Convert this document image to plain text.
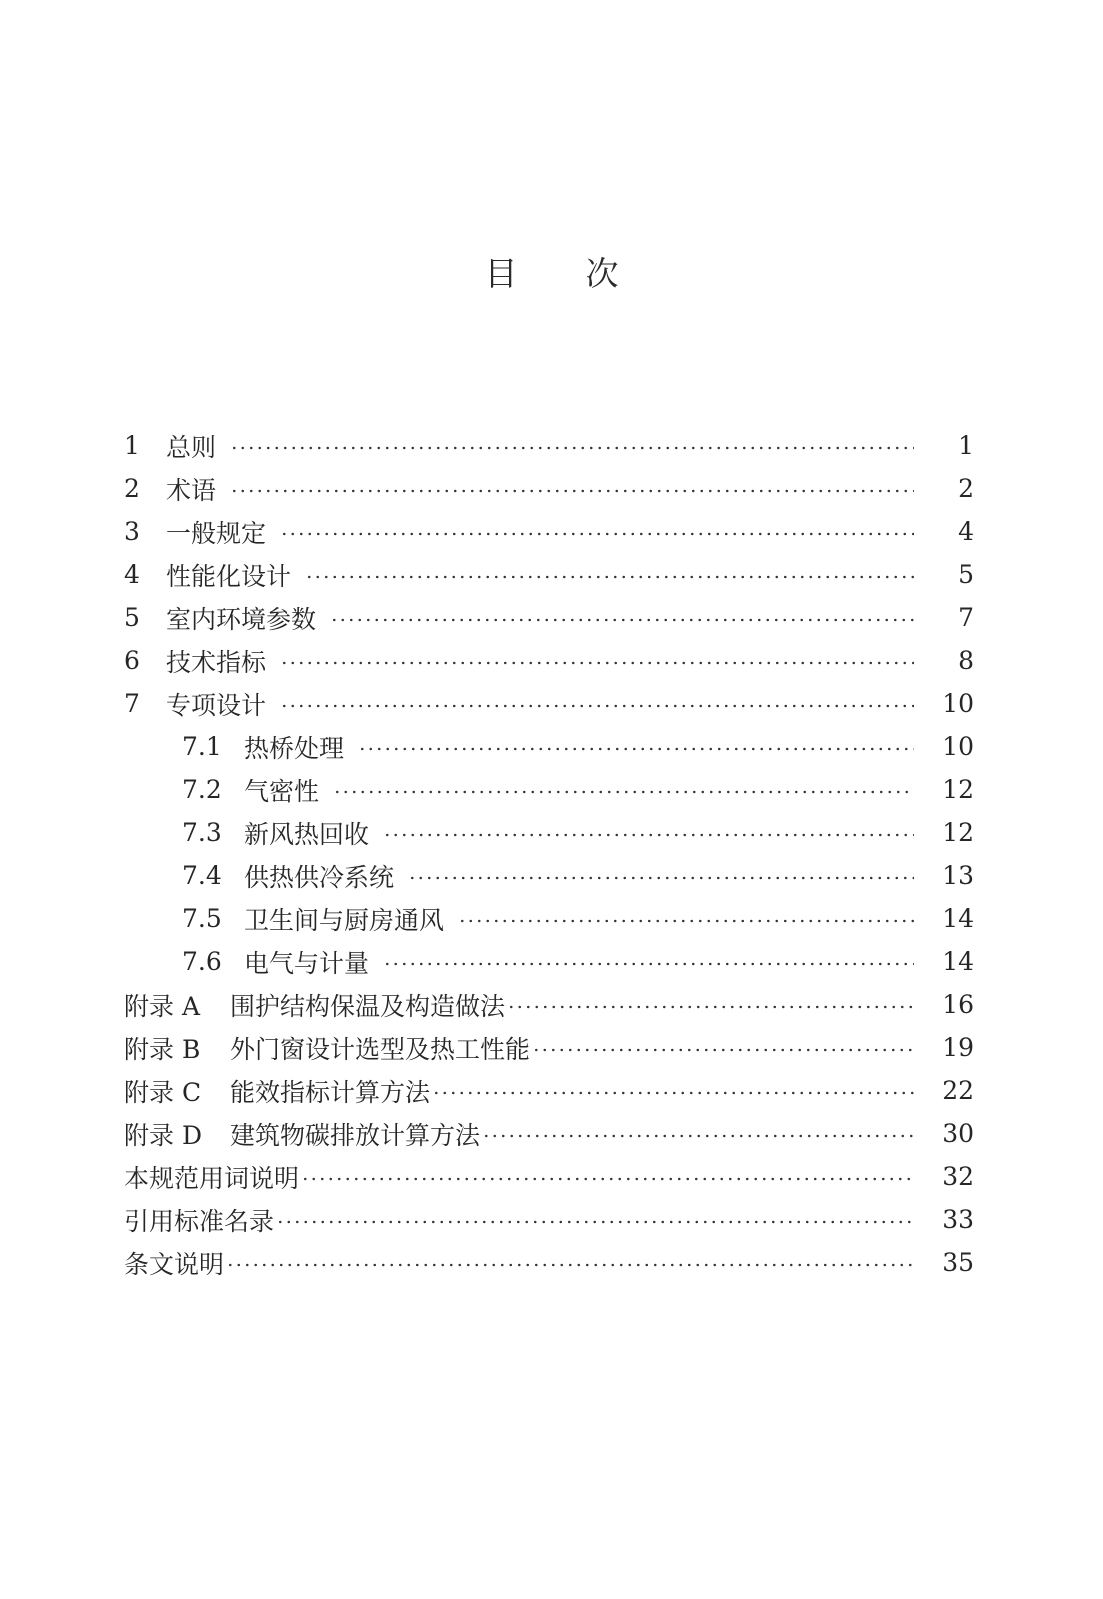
目 次
1	总则	1
2	术语	2
3	一般规定	4
4	性能化设计	5
5	室内环境参数	7
6	技术指标	8
7	专项设计	10
7.1 热桥处理	10
7.2 气密性	12
7.3 新风热回收	12
7.4 供热供冷系统	13
7.5 卫生间与厨房通风	14
7.6 电气与计量	14
附录 A	围护结构保温及构造做法	16
附录 B	外门窗设计选型及热工性能	19
附录 C	能效指标计算方法	22
附录 D	建筑物碳排放计算方法	30
本规范用词说明	32
引用标准名录	33
条文说明	35
